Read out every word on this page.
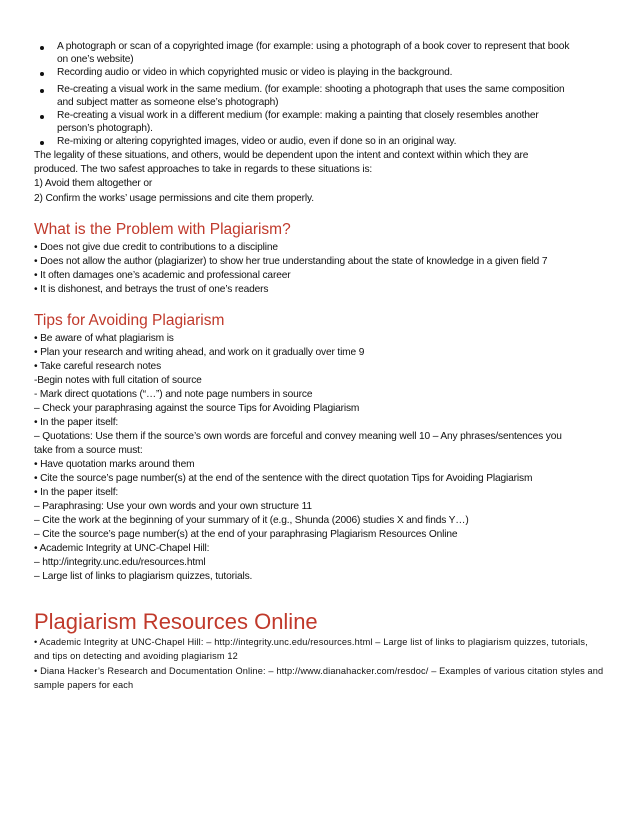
A photograph or scan of a copyrighted image (for example: using a photograph of a book cover to represent that book
on one’s website)
Recording audio or video in which copyrighted music or video is playing in the background.
Re-creating a visual work in the same medium. (for example: shooting a photograph that uses the same composition
and subject matter as someone else’s photograph)
Re-creating a visual work in a different medium (for example: making a painting that closely resembles another
person’s photograph).
Re-mixing or altering copyrighted images, video or audio, even if done so in an original way.
The legality of these situations, and others, would be dependent upon the intent and context within which they are
produced. The two safest approaches to take in regards to these situations is:
1) Avoid them altogether or
2) Confirm the works’ usage permissions and cite them properly.
What is the Problem with Plagiarism?
• Does not give due credit to contributions to a discipline
• Does not allow the author (plagiarizer) to show her true understanding about the state of knowledge in a given field 7
• It often damages one’s academic and professional career
• It is dishonest, and betrays the trust of one’s readers
Tips for Avoiding Plagiarism
• Be aware of what plagiarism is
• Plan your research and writing ahead, and work on it gradually over time 9
• Take careful research notes
-Begin notes with full citation of source
- Mark direct quotations (“…”) and note page numbers in source
– Check your paraphrasing against the source Tips for Avoiding Plagiarism
• In the paper itself:
– Quotations: Use them if the source’s own words are forceful and convey meaning well 10 – Any phrases/sentences you
take from a source must:
• Have quotation marks around them
• Cite the source’s page number(s) at the end of the sentence with the direct quotation Tips for Avoiding Plagiarism
• In the paper itself:
– Paraphrasing: Use your own words and your own structure 11
– Cite the work at the beginning of your summary of it (e.g., Shunda (2006) studies X and finds Y…)
– Cite the source’s page number(s) at the end of your paraphrasing Plagiarism Resources Online
• Academic Integrity at UNC-Chapel Hill:
– http://integrity.unc.edu/resources.html
– Large list of links to plagiarism quizzes, tutorials.
Plagiarism Resources Online
• Academic Integrity at UNC-Chapel Hill: – http://integrity.unc.edu/resources.html – Large list of links to plagiarism quizzes, tutorials,
and tips on detecting and avoiding plagiarism 12
• Diana Hacker’s Research and Documentation Online: – http://www.dianahacker.com/resdoc/ – Examples of various citation styles and
sample papers for each
